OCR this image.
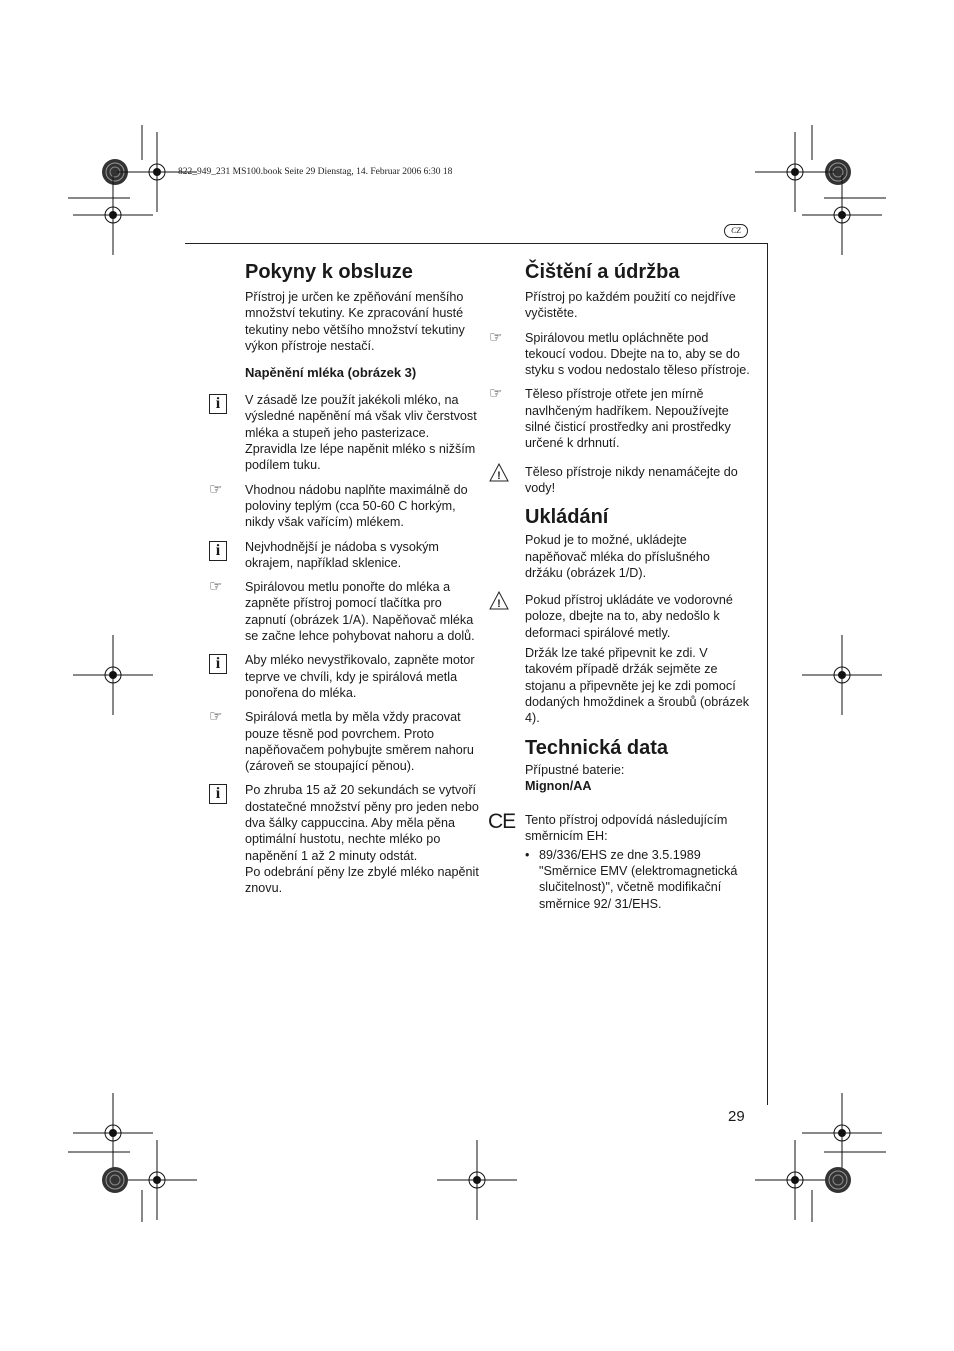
822_949_231 MS100.book Seite 29 Dienstag, 14. Februar 2006 6:30 18
CZ
29
Pokyny k obsluze

Přístroj je určen ke zpěňování menšího množství tekutiny. Ke zpracování husté tekutiny nebo většího množství tekutiny výkon přístroje nestačí.

Napěnění mléka (obrázek 3)
i	V zásadě lze použít jakékoli mléko, na výsledné napěnění má však vliv čerstvost mléka a stupeň jeho pasterizace. Zpravidla lze lépe napěnit mléko s nižším podílem tuku.

☞ Vhodnou nádobu naplňte maximálně do poloviny teplým (cca 50-60 C horkým, nikdy však vařícím) mlékem.

i	Nejvhodnější je nádoba s vysokým okrajem, například sklenice.

☞ Spirálovou metlu ponořte do mléka a zapněte přístroj pomocí tlačítka pro zapnutí (obrázek 1/A). Napěňovač mléka se začne lehce pohybovat nahoru a dolů.

i	Aby mléko nevystřikovalo, zapněte motor teprve ve chvíli, kdy je spirálová metla ponořena do mléka.

☞ Spirálová metla by měla vždy pracovat pouze těsně pod povrchem. Proto napěňovačem pohybujte směrem nahoru (zároveň se stoupající pěnou).

i	Po zhruba 15 až 20 sekundách se vytvoří dostatečné množství pěny pro jeden nebo dva šálky cappuccina. Aby měla pěna optimální hustotu, nechte mléko po napěnění 1 až 2 minuty odstát.

Po odebrání pěny lze zbylé mléko napěnit znovu.

Čištění a údržba

Přístroj po každém použití co nejdříve vyčistěte.

☞ Spirálovou metlu opláchněte pod tekoucí vodou. Dbejte na to, aby se do styku s vodou nedostalo těleso přístroje.

☞ Těleso přístroje otřete jen mírně navlhčeným hadříkem. Nepoužívejte silné čisticí prostředky ani prostředky určené k drhnutí.

! Těleso přístroje nikdy nenamáčejte do vody!

Ukládání

Pokud je to možné, ukládejte napěňovač mléka do příslušného držáku (obrázek 1/D).

! Pokud přístroj ukládáte ve vodorovné poloze, dbejte na to, aby nedošlo k deformaci spirálové metly.

Držák lze také připevnit ke zdi. V takovém případě držák sejměte ze stojanu a připevněte jej ke zdi pomocí dodaných hmoždinek a šroubů (obrázek 4).

Technická data

Přípustné baterie:

Mignon/AA

CE Tento přístroj odpovídá následujícím směrnicím EH:

• 89/336/EHS ze dne 3.5.1989 "Směrnice EMV (elektromagnetická slučitelnost)", včetně modifikační směrnice 92/ 31/EHS.
